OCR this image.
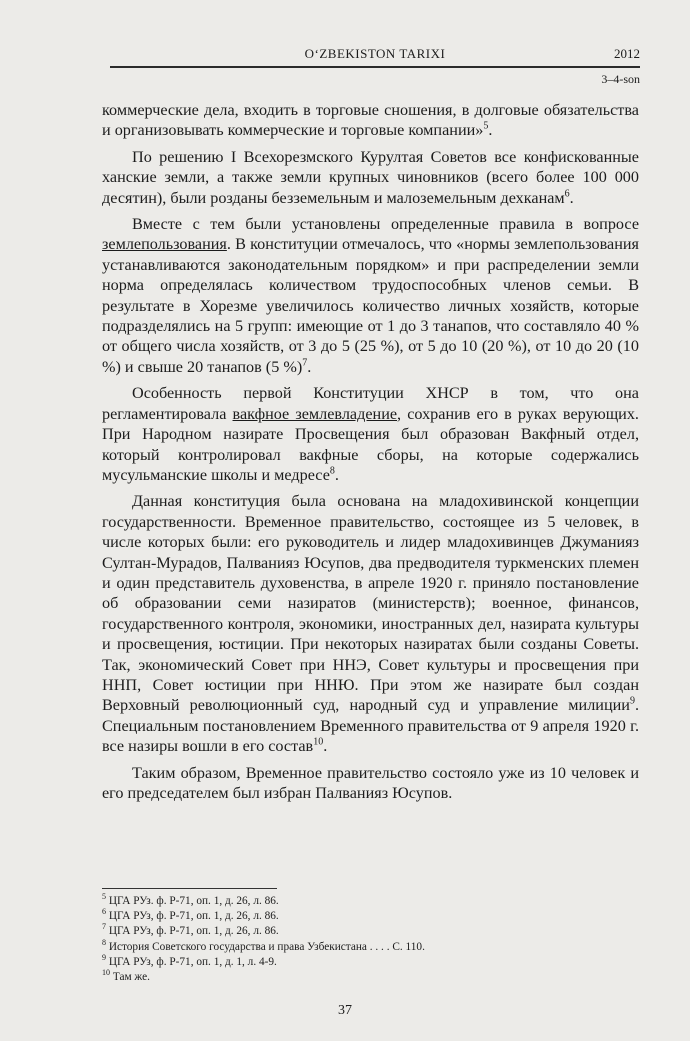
O‘ZBEKISTON TARIXI	2012
3–4-son

коммерческие дела, входить в торговые сношения, в долговые обязательства и организовывать коммерческие и торговые компании»$^5$.

По решению I Всехорезмского Курултая Советов все конфискованные ханские земли, а также земли крупных чиновников (всего более 100 000 десятин), были розданы безземельным и малоземельным дехканам$^6$.

Вместе с тем были установлены определенные правила в вопросе землепользования. В конституции отмечалось, что «нормы землепользования устанавливаются законодательным порядком» и при распределении земли норма определялась количеством трудоспособных членов семьи. В результате в Хорезме увеличилось количество личных хозяйств, которые подразделялись на 5 групп: имеющие от 1 до 3 танапов, что составляло 40 % от общего числа хозяйств, от 3 до 5 (25 %), от 5 до 10 (20 %), от 10 до 20 (10 %) и свыше 20 танапов (5 %)$^7$.

Особенность первой Конституции ХНСР в том, что она регламентировала вакфное землевладение, сохранив его в руках верующих. При Народном назирате Просвещения был образован Вакфный отдел, который контролировал вакфные сборы, на которые содержались мусульманские школы и медресе$^8$.

Данная конституция была основана на младохивинской концепции государственности. Временное правительство, состоящее из 5 человек, в числе которых были: его руководитель и лидер младохивинцев Джуманияз Султан-Мурадов, Палванияз Юсупов, два предводителя туркменских племен и один представитель духовенства, в апреле 1920 г. приняло постановление об образовании семи назиратов (министерств); военное, финансов, государственного контроля, экономики, иностранных дел, назирата культуры и просвещения, юстиции. При некоторых назиратах были созданы Советы. Так, экономический Совет при ННЭ, Совет культуры и просвещения при ННП, Совет юстиции при ННЮ. При этом же назирате был создан Верховный революционный суд, народный суд и управление милиции$^9$. Специальным постановлением Временного правительства от 9 апреля 1920 г. все назиры вошли в его состав$^{10}$.

Таким образом, Временное правительство состояло уже из 10 человек и его председателем был избран Палванияз Юсупов.

$^5$ ЦГА РУз. ф. Р-71, оп. 1, д. 26, л. 86.
$^6$ ЦГА РУз, ф. Р-71, оп. 1, д. 26, л. 86.
$^7$ ЦГА РУз, ф. Р-71, оп. 1, д. 26, л. 86.
$^8$ История Советского государства и права Узбекистана . . . . С. 110.
$^9$ ЦГА РУз, ф. Р-71, оп. 1, д. 1, л. 4-9.
$^{10}$ Там же.
37
